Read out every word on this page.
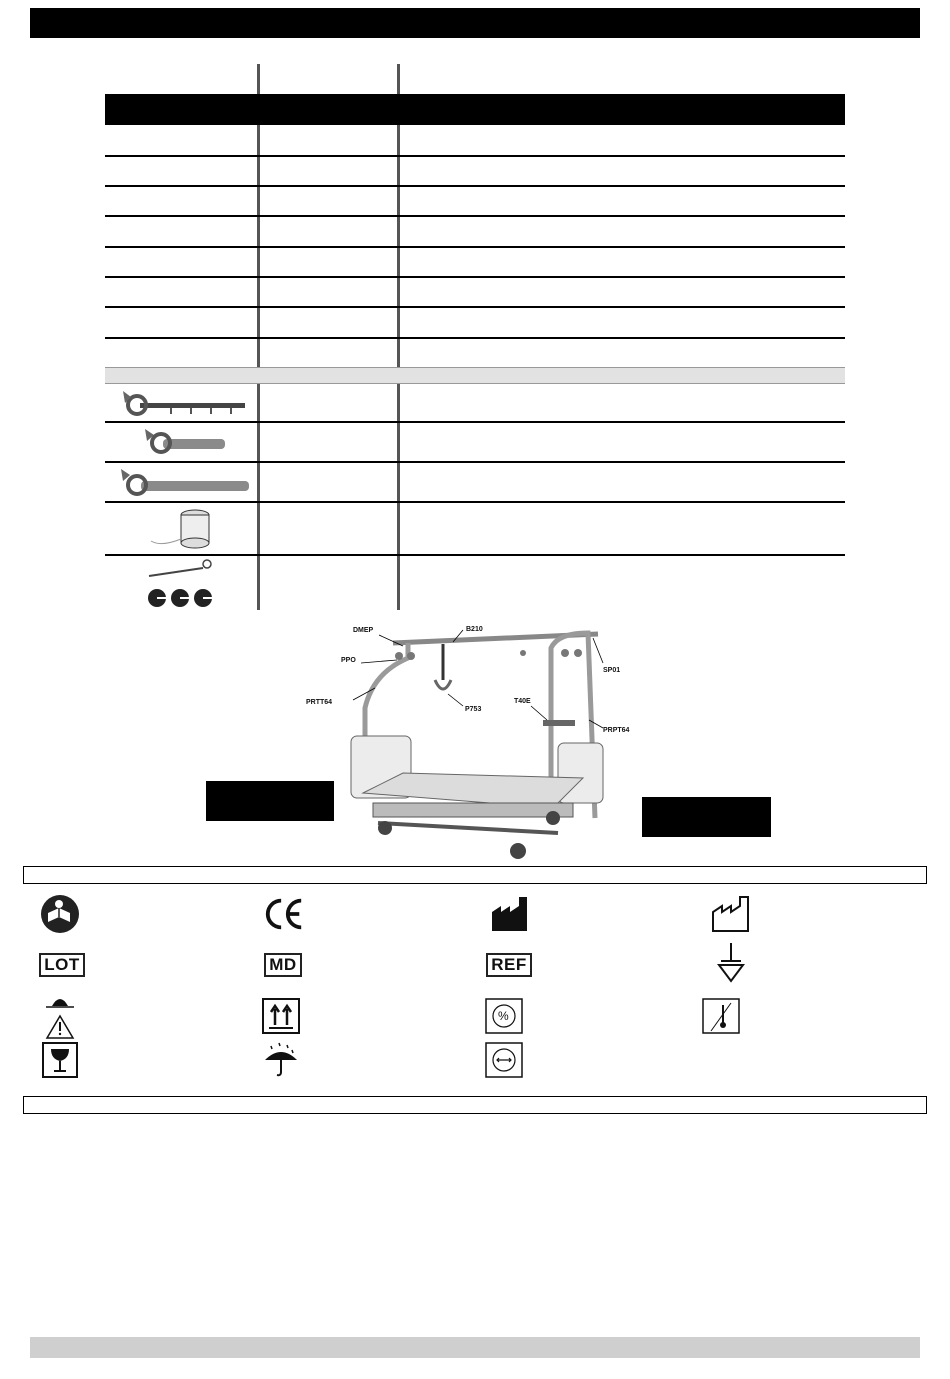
DMEP	B210
PPO
SP01
PRTT64
P753
T40E
PRPT64
LOT	MD	REF
%
